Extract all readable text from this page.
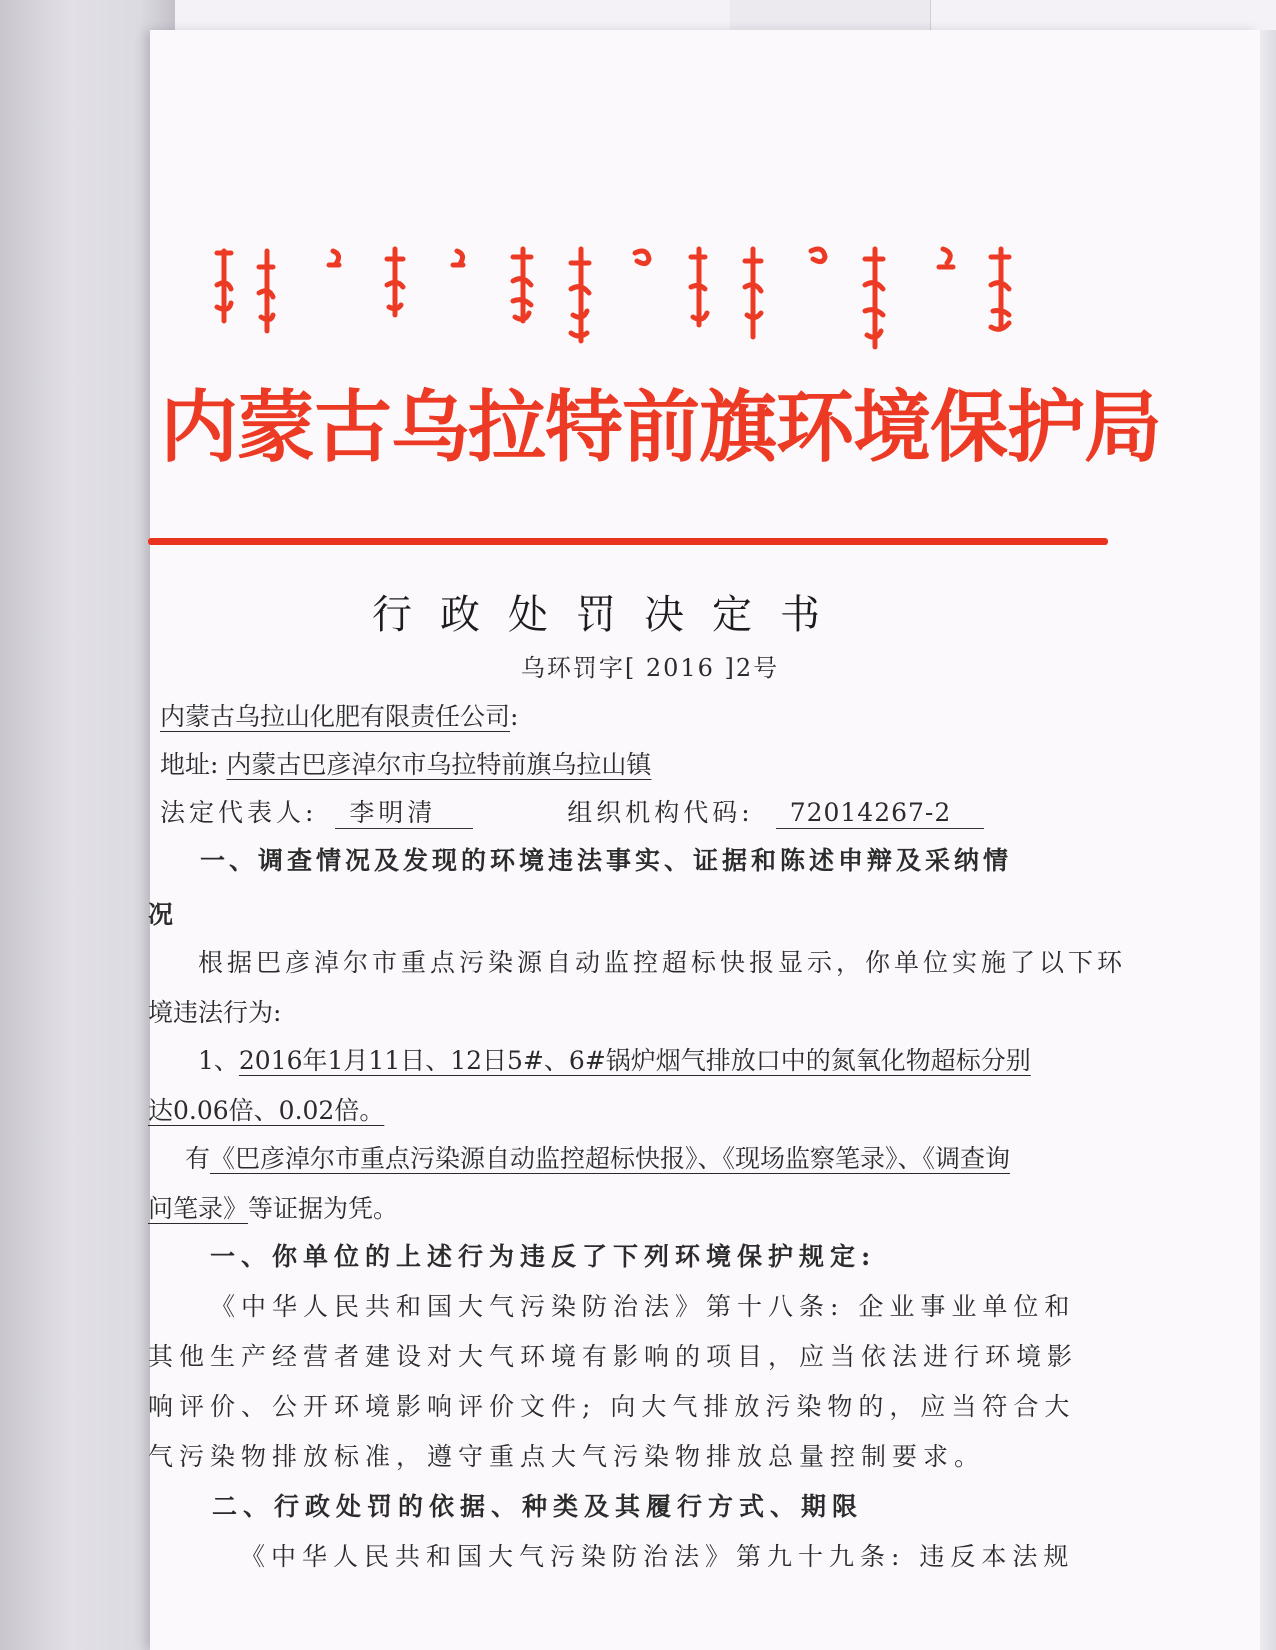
内蒙古乌拉特前旗环境保护局
行政处罚决定书
乌环罚字[ 2016 ]2号
内蒙古乌拉山化肥有限责任公司:
地址: 内蒙古巴彦淖尔市乌拉特前旗乌拉山镇
法定代表人: 李明清	组织机构代码: 72014267-2
一、调查情况及发现的环境违法事实、证据和陈述申辩及采纳情
况
根据巴彦淖尔市重点污染源自动监控超标快报显示，你单位实施了以下环
境违法行为:
1、2016年1月11日、12日5#、6#锅炉烟气排放口中的氮氧化物超标分别
达0.06倍、0.02倍。
有《巴彦淖尔市重点污染源自动监控超标快报》、《现场监察笔录》、《调查询
问笔录》等证据为凭。
一、你单位的上述行为违反了下列环境保护规定:
《中华人民共和国大气污染防治法》第十八条: 企业事业单位和
其他生产经营者建设对大气环境有影响的项目，应当依法进行环境影
响评价、公开环境影响评价文件; 向大气排放污染物的，应当符合大
气污染物排放标准，遵守重点大气污染物排放总量控制要求。
二、行政处罚的依据、种类及其履行方式、期限
《中华人民共和国大气污染防治法》第九十九条: 违反本法规
